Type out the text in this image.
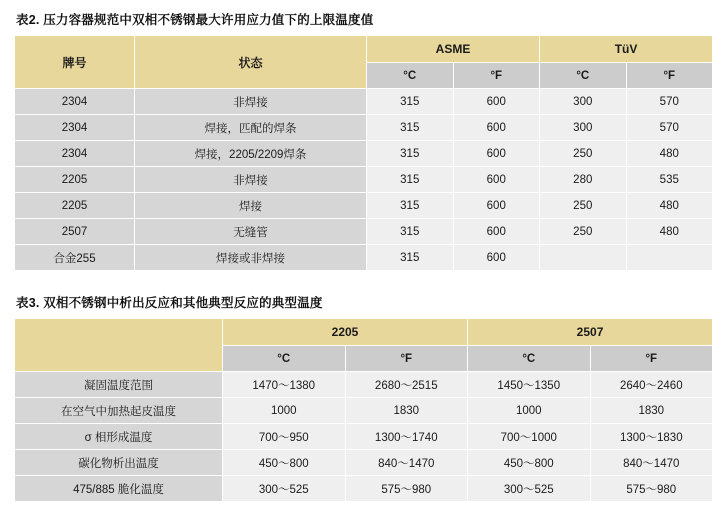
表2. 压力容器规范中双相不锈钢最大许用应力值下的上限温度值
牌号	状态	ASME		TüV	
		°C	°F	°C	°F
2304	非焊接	315	600	300	570
2304	焊接，匹配的焊条	315	600	300	570
2304	焊接，2205/2209焊条	315	600	250	480
2205	非焊接	315	600	280	535
2205	焊接	315	600	250	480
2507	无缝管	315	600	250	480
合金255	焊接或非焊接	315	600		
表3. 双相不锈钢中析出反应和其他典型反应的典型温度
	2205		2507	
	°C	°F	°C	°F
凝固温度范围	1470～1380	2680～2515	1450～1350	2640～2460
在空气中加热起皮温度	1000	1830	1000	1830
σ 相形成温度	700～950	1300～1740	700～1000	1300～1830
碳化物析出温度	450～800	840～1470	450～800	840～1470
475/885 脆化温度	300～525	575～980	300～525	575～980
